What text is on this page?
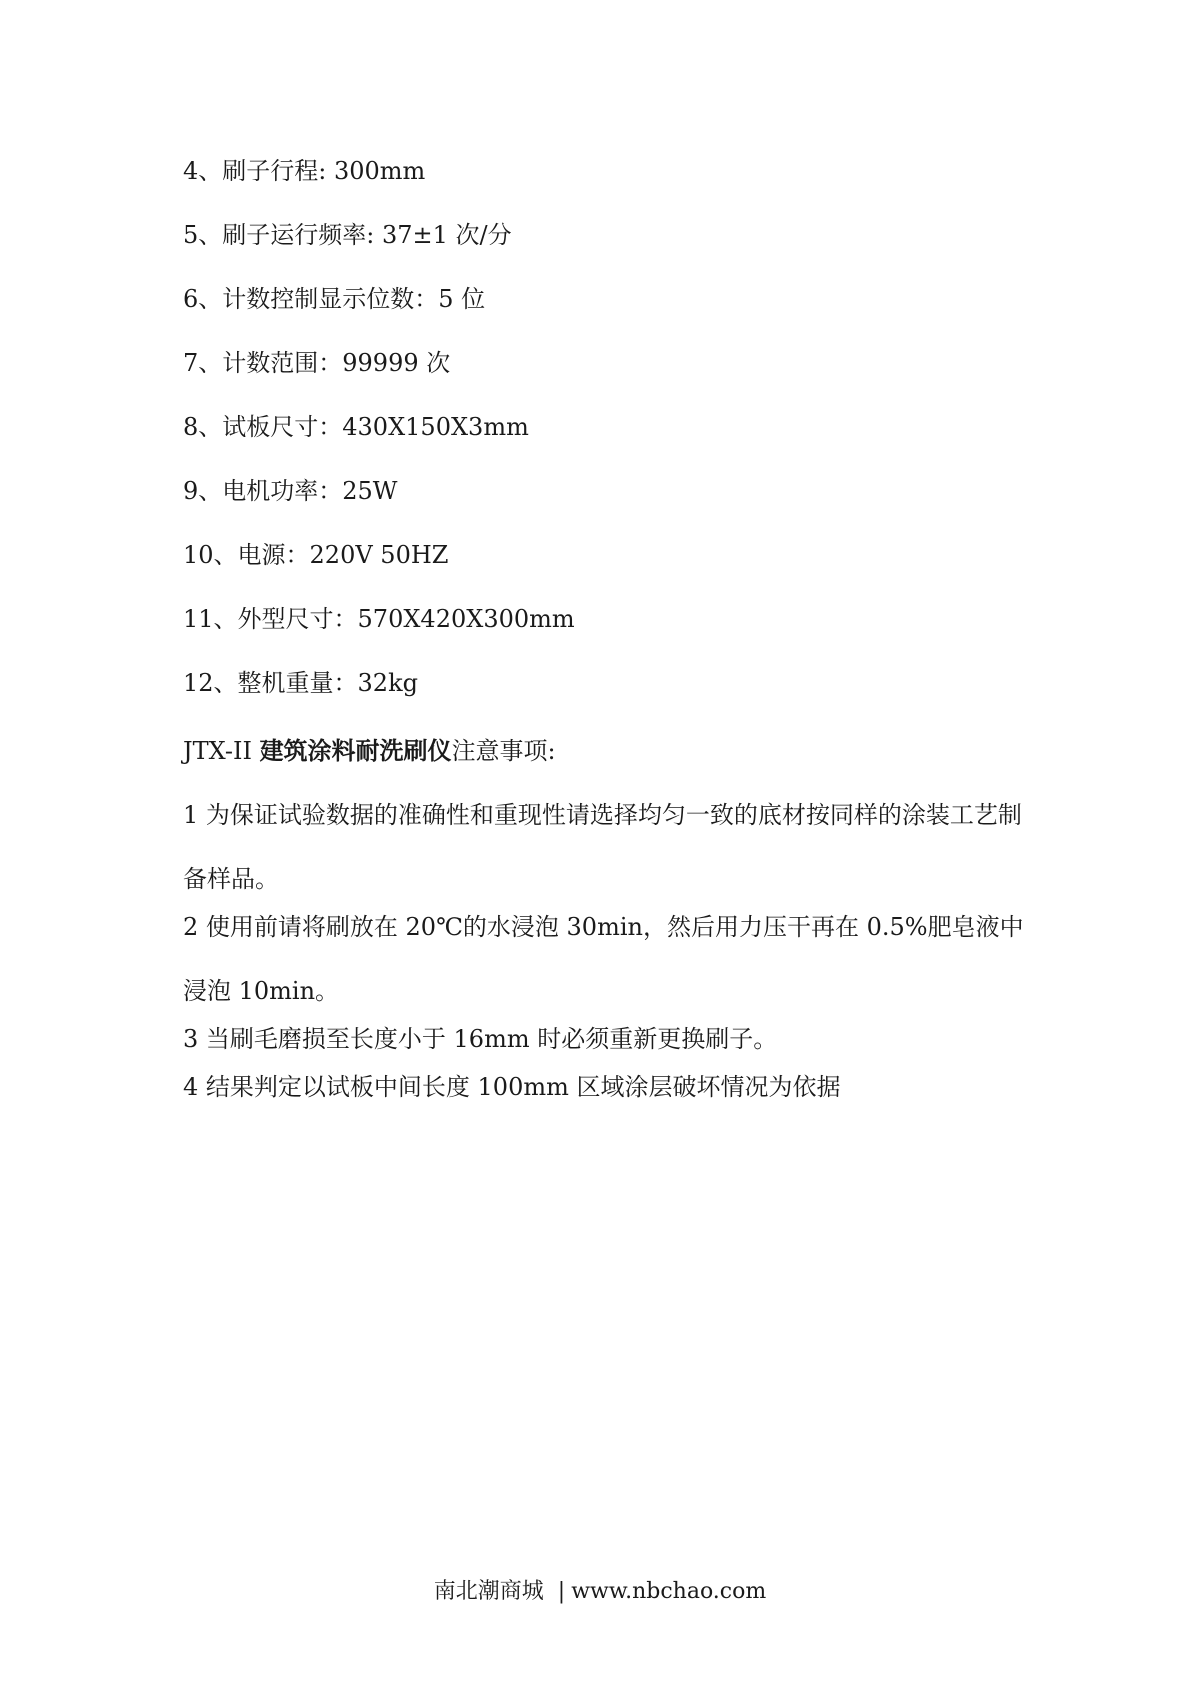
4、刷子行程: 300mm
5、刷子运行频率: 37±1 次/分
6、计数控制显示位数：5 位
7、计数范围：99999 次
8、试板尺寸：430X150X3mm
9、电机功率：25W
10、电源：220V 50HZ
11、外型尺寸：570X420X300mm
12、整机重量：32kg
JTX-II 建筑涂料耐洗刷仪注意事项:
1 为保证试验数据的准确性和重现性请选择均匀一致的底材按同样的涂装工艺制备样品。
2 使用前请将刷放在 20℃的水浸泡 30min，然后用力压干再在 0.5%肥皂液中浸泡 10min。
3 当刷毛磨损至长度小于 16mm 时必须重新更换刷子。
4 结果判定以试板中间长度 100mm 区域涂层破坏情况为依据
南北潮商城 | www.nbchao.com
